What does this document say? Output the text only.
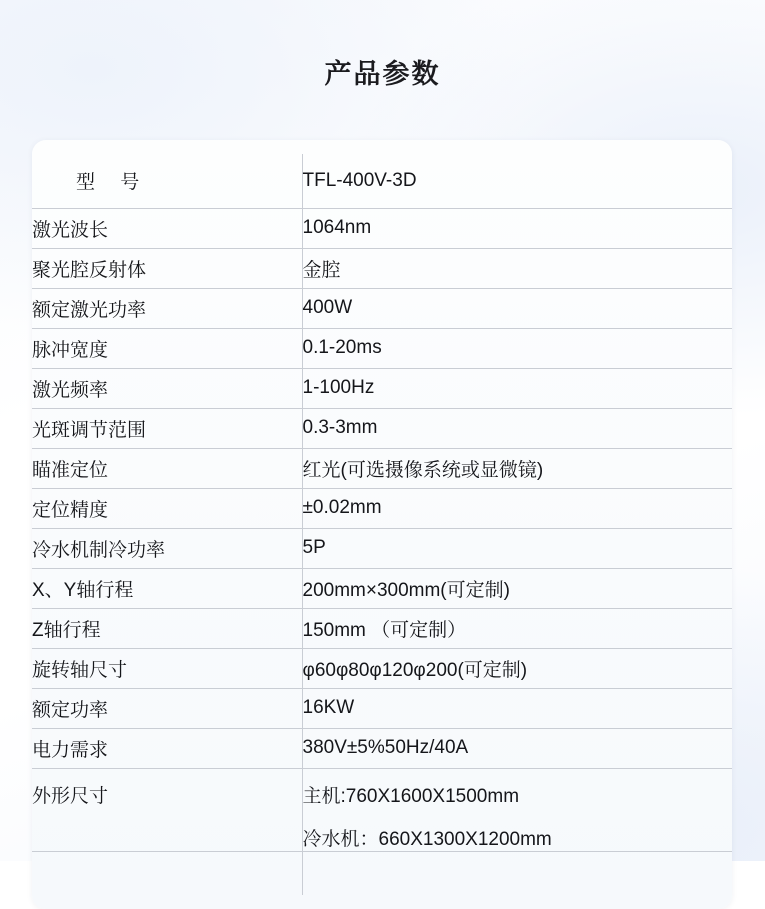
产品参数
型 号	TFL-400V-3D
激光波长	1064nm
聚光腔反射体	金腔
额定激光功率	400W
脉冲宽度	0.1-20ms
激光频率	1-100Hz
光斑调节范围	0.3-3mm
瞄准定位	红光(可选摄像系统或显微镜)
定位精度	±0.02mm
冷水机制冷功率	5P
X、Y轴行程	200mm×300mm(可定制)
Z轴行程	150mm （可定制）
旋转轴尺寸	φ60φ80φ120φ200(可定制)
额定功率	16KW
电力需求	380V±5%50Hz/40A
外形尺寸	主机:760X1600X1500mm
冷水机：660X1300X1200mm
